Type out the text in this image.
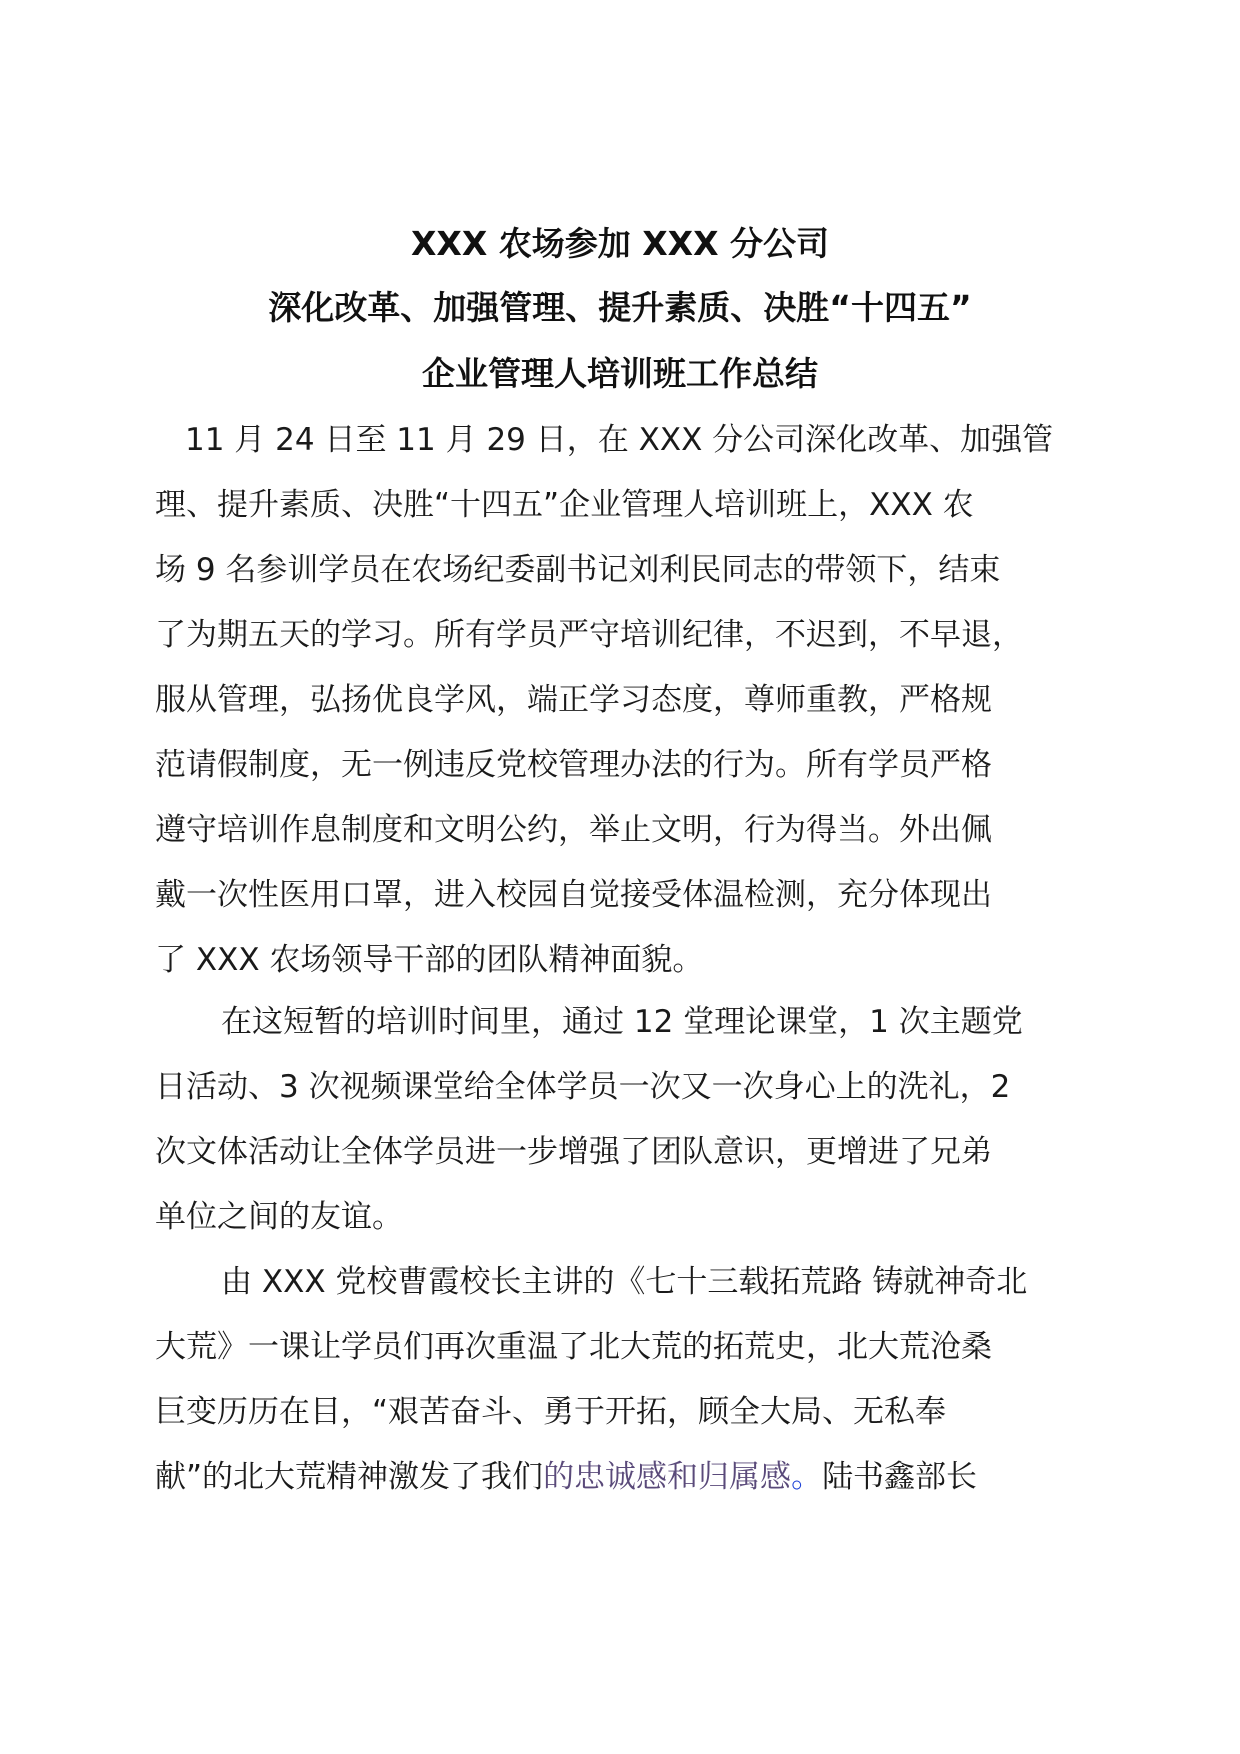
XXX 农场参加 XXX 分公司
深化改革、加强管理、提升素质、决胜“十四五”
企业管理人培训班工作总结
11 月 24 日至 11 月 29 日，在 XXX 分公司深化改革、加强管
理、提升素质、决胜“十四五”企业管理人培训班上，XXX 农
场 9 名参训学员在农场纪委副书记刘利民同志的带领下，结束
了为期五天的学习。所有学员严守培训纪律，不迟到，不早退，
服从管理，弘扬优良学风，端正学习态度，尊师重教，严格规
范请假制度，无一例违反党校管理办法的行为。所有学员严格
遵守培训作息制度和文明公约，举止文明，行为得当。外出佩
戴一次性医用口罩，进入校园自觉接受体温检测，充分体现出
了 XXX 农场领导干部的团队精神面貌。
在这短暂的培训时间里，通过 12 堂理论课堂，1 次主题党
日活动、3 次视频课堂给全体学员一次又一次身心上的洗礼，2
次文体活动让全体学员进一步增强了团队意识，更增进了兄弟
单位之间的友谊。
由 XXX 党校曹霞校长主讲的《七十三载拓荒路 铸就神奇北
大荒》一课让学员们再次重温了北大荒的拓荒史，北大荒沧桑
巨变历历在目，“艰苦奋斗、勇于开拓，顾全大局、无私奉
献”的北大荒精神激发了我们的忠诚感和归属感。陆书鑫部长
